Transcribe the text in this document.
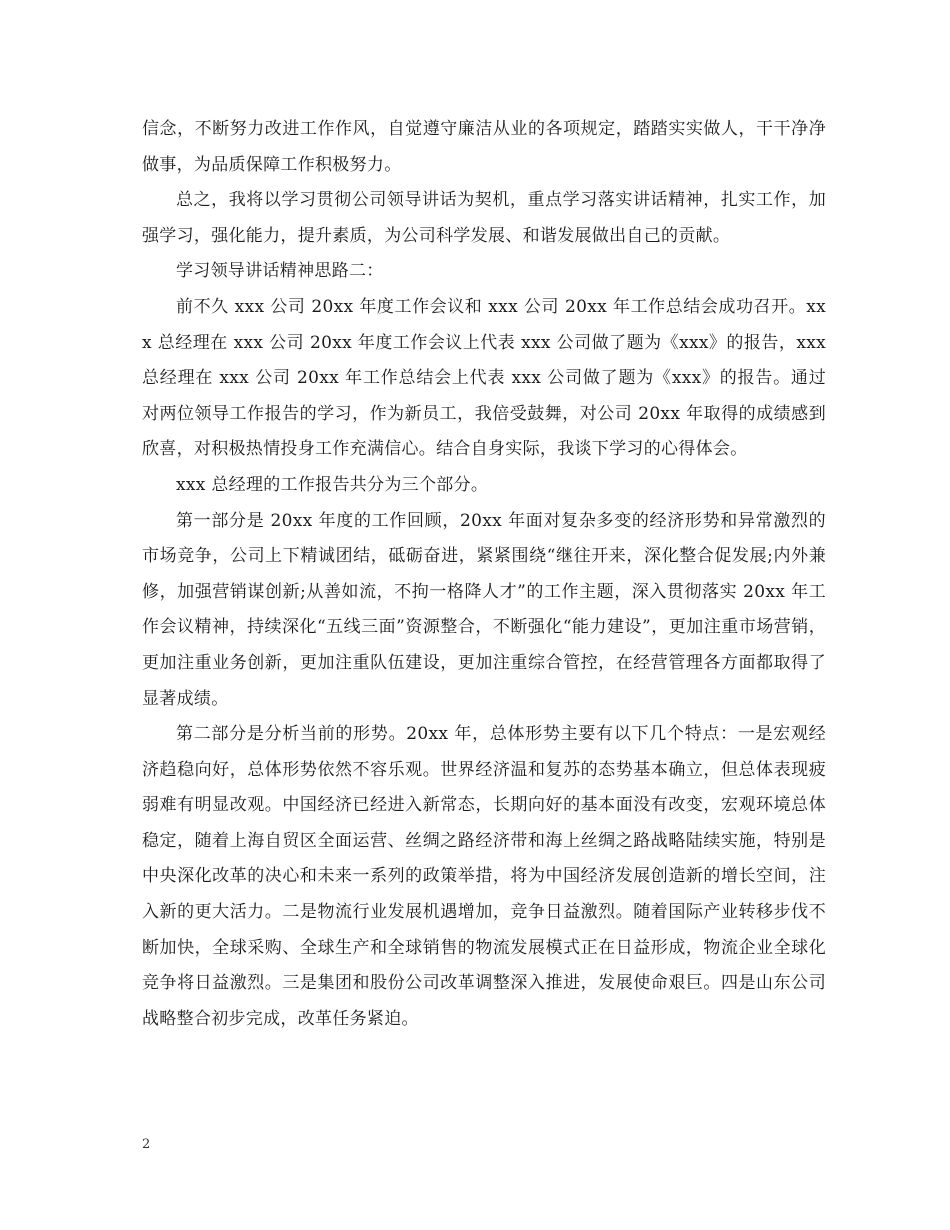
信念，不断努力改进工作作风，自觉遵守廉洁从业的各项规定，踏踏实实做人，干干净净做事，为品质保障工作积极努力。

总之，我将以学习贯彻公司领导讲话为契机，重点学习落实讲话精神，扎实工作，加强学习，强化能力，提升素质，为公司科学发展、和谐发展做出自己的贡献。

学习领导讲话精神思路二：

前不久 xxx 公司 20xx 年度工作会议和 xxx 公司 20xx 年工作总结会成功召开。xxx 总经理在 xxx 公司 20xx 年度工作会议上代表 xxx 公司做了题为《xxx》的报告，xxx 总经理在 xxx 公司 20xx 年工作总结会上代表 xxx 公司做了题为《xxx》的报告。通过对两位领导工作报告的学习，作为新员工，我倍受鼓舞，对公司 20xx 年取得的成绩感到欣喜，对积极热情投身工作充满信心。结合自身实际，我谈下学习的心得体会。

xxx 总经理的工作报告共分为三个部分。

第一部分是 20xx 年度的工作回顾，20xx 年面对复杂多变的经济形势和异常激烈的市场竞争，公司上下精诚团结，砥砺奋进，紧紧围绕“继往开来，深化整合促发展;内外兼修，加强营销谋创新;从善如流，不拘一格降人才”的工作主题，深入贯彻落实 20xx 年工作会议精神，持续深化“五线三面”资源整合，不断强化“能力建设”，更加注重市场营销，更加注重业务创新，更加注重队伍建设，更加注重综合管控，在经营管理各方面都取得了显著成绩。

第二部分是分析当前的形势。20xx 年，总体形势主要有以下几个特点：一是宏观经济趋稳向好，总体形势依然不容乐观。世界经济温和复苏的态势基本确立，但总体表现疲弱难有明显改观。中国经济已经进入新常态，长期向好的基本面没有改变，宏观环境总体稳定，随着上海自贸区全面运营、丝绸之路经济带和海上丝绸之路战略陆续实施，特别是中央深化改革的决心和未来一系列的政策举措，将为中国经济发展创造新的增长空间，注入新的更大活力。二是物流行业发展机遇增加，竞争日益激烈。随着国际产业转移步伐不断加快，全球采购、全球生产和全球销售的物流发展模式正在日益形成，物流企业全球化竞争将日益激烈。三是集团和股份公司改革调整深入推进，发展使命艰巨。四是山东公司战略整合初步完成，改革任务紧迫。

2
